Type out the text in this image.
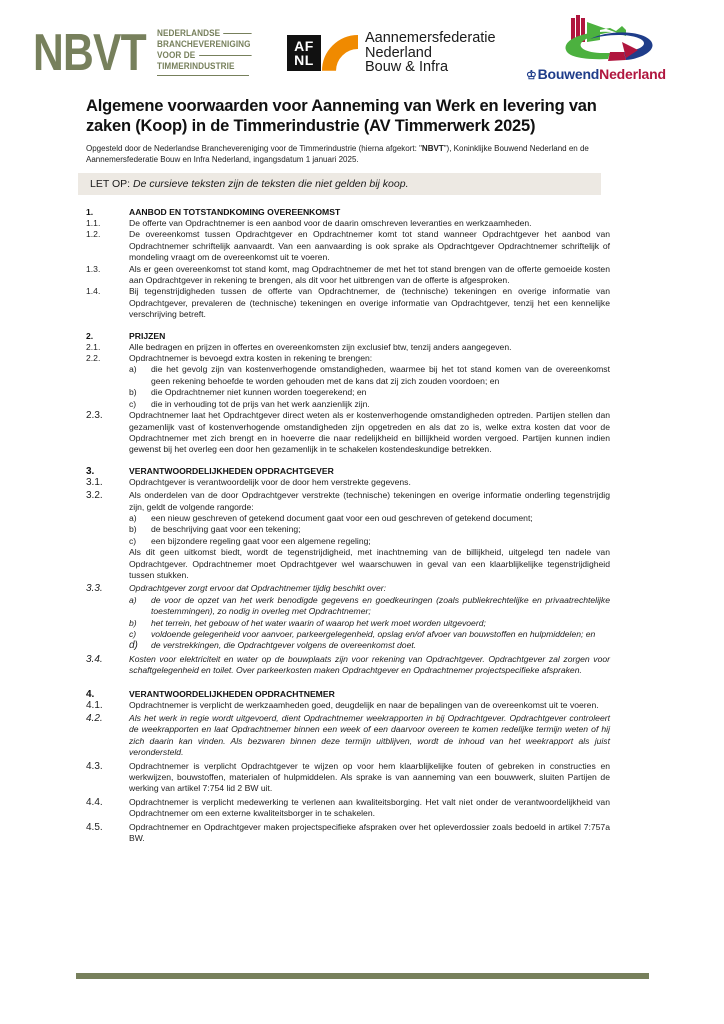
NBVT NEDERLANDSE
BRANCHEVERENIGING
VOOR DE
TIMMERINDUSTRIE
AF
NL
Aannemersfederatie
Nederland
Bouw & Infra	♔BouwendNederland
Algemene voorwaarden voor Aanneming van Werk en levering van zaken (Koop) in de Timmerindustrie (AV Timmerwerk 2025)
Opgesteld door de Nederlandse Branchevereniging voor de Timmerindustrie (hierna afgekort: "NBVT"), Koninklijke Bouwend Nederland en de Aannemersfederatie Bouw en Infra Nederland, ingangsdatum 1 januari 2025.
LET OP: De cursieve teksten zijn de teksten die niet gelden bij koop.
1.	AANBOD EN TOTSTANDKOMING OVEREENKOMST
1.1.	De offerte van Opdrachtnemer is een aanbod voor de daarin omschreven leveranties en werkzaamheden.
1.2.	De overeenkomst tussen Opdrachtgever en Opdrachtnemer komt tot stand wanneer Opdrachtgever het aanbod van Opdrachtnemer schriftelijk aanvaardt. Van een aanvaarding is ook sprake als Opdrachtgever Opdrachtnemer schriftelijk of mondeling vraagt om de overeenkomst uit te voeren.
1.3.	Als er geen overeenkomst tot stand komt, mag Opdrachtnemer de met het tot stand brengen van de offerte gemoeide kosten aan Opdrachtgever in rekening te brengen, als dit voor het uitbrengen van de offerte is afgesproken.
1.4.	Bij tegenstrijdigheden tussen de offerte van Opdrachtnemer, de (technische) tekeningen en overige informatie van Opdrachtgever, prevaleren de (technische) tekeningen en overige informatie van Opdrachtgever, tenzij het een kennelijke verschrijving betreft.
2.	PRIJZEN
2.1.	Alle bedragen en prijzen in offertes en overeenkomsten zijn exclusief btw, tenzij anders aangegeven.
2.2.	Opdrachtnemer is bevoegd extra kosten in rekening te brengen:
a)	die het gevolg zijn van kostenverhogende omstandigheden, waarmee bij het tot stand komen van de overeenkomst geen rekening behoefde te worden gehouden met de kans dat zij zich zouden voordoen; en
b)	die Opdrachtnemer niet kunnen worden toegerekend; en
c)	die in verhouding tot de prijs van het werk aanzienlijk zijn.
2.3.	Opdrachtnemer laat het Opdrachtgever direct weten als er kostenverhogende omstandigheden optreden. Partijen stellen dan gezamenlijk vast of kostenverhogende omstandigheden zijn opgetreden en als dat zo is, welke extra kosten dat voor de Opdrachtnemer met zich brengt en in hoeverre die naar redelijkheid en billijkheid worden vergoed. Partijen kunnen indien gewenst bij het overleg een door hen gezamenlijk in te schakelen kostendeskundige betrekken.
3.	VERANTWOORDELIJKHEDEN OPDRACHTGEVER
3.1.	Opdrachtgever is verantwoordelijk voor de door hem verstrekte gegevens.
3.2.	Als onderdelen van de door Opdrachtgever verstrekte (technische) tekeningen en overige informatie onderling tegenstrijdig zijn, geldt de volgende rangorde:
a)	een nieuw geschreven of getekend document gaat voor een oud geschreven of getekend document;
b)	de beschrijving gaat voor een tekening;
c)	een bijzondere regeling gaat voor een algemene regeling;
Als dit geen uitkomst biedt, wordt de tegenstrijdigheid, met inachtneming van de billijkheid, uitgelegd ten nadele van Opdrachtgever. Opdrachtnemer moet Opdrachtgever wel waarschuwen in geval van een klaarblijkelijke tegenstrijdigheid tussen stukken.
3.3.	Opdrachtgever zorgt ervoor dat Opdrachtnemer tijdig beschikt over:
a)	de voor de opzet van het werk benodigde gegevens en goedkeuringen (zoals publiekrechtelijke en privaatrechtelijke toestemmingen), zo nodig in overleg met Opdrachtnemer;
b)	het terrein, het gebouw of het water waarin of waarop het werk moet worden uitgevoerd;
c)	voldoende gelegenheid voor aanvoer, parkeergelegenheid, opslag en/of afvoer van bouwstoffen en hulpmiddelen; en
d)	de verstrekkingen, die Opdrachtgever volgens de overeenkomst doet.
3.4.	Kosten voor elektriciteit en water op de bouwplaats zijn voor rekening van Opdrachtgever. Opdrachtgever zal zorgen voor schaftgelegenheid en toilet. Over parkeerkosten maken Opdrachtgever en Opdrachtnemer projectspecifieke afspraken.
4.	VERANTWOORDELIJKHEDEN OPDRACHTNEMER
4.1.	Opdrachtnemer is verplicht de werkzaamheden goed, deugdelijk en naar de bepalingen van de overeenkomst uit te voeren.
4.2.	Als het werk in regie wordt uitgevoerd, dient Opdrachtnemer weekrapporten in bij Opdrachtgever. Opdrachtgever controleert de weekrapporten en laat Opdrachtnemer binnen een week of een daarvoor overeen te komen redelijke termijn weten of hij zich daarin kan vinden. Als bezwaren binnen deze termijn uitblijven, wordt de inhoud van het weekrapport als juist verondersteld.
4.3.	Opdrachtnemer is verplicht Opdrachtgever te wijzen op voor hem klaarblijkelijke fouten of gebreken in constructies en werkwijzen, bouwstoffen, materialen of hulpmiddelen. Als sprake is van aanneming van een bouwwerk, sluiten Partijen de werking van artikel 7:754 lid 2 BW uit.
4.4.	Opdrachtnemer is verplicht medewerking te verlenen aan kwaliteitsborging. Het valt niet onder de verantwoordelijkheid van Opdrachtnemer om een externe kwaliteitsborger in te schakelen.
4.5.	Opdrachtnemer en Opdrachtgever maken projectspecifieke afspraken over het opleverdossier zoals bedoeld in artikel 7:757a BW.
